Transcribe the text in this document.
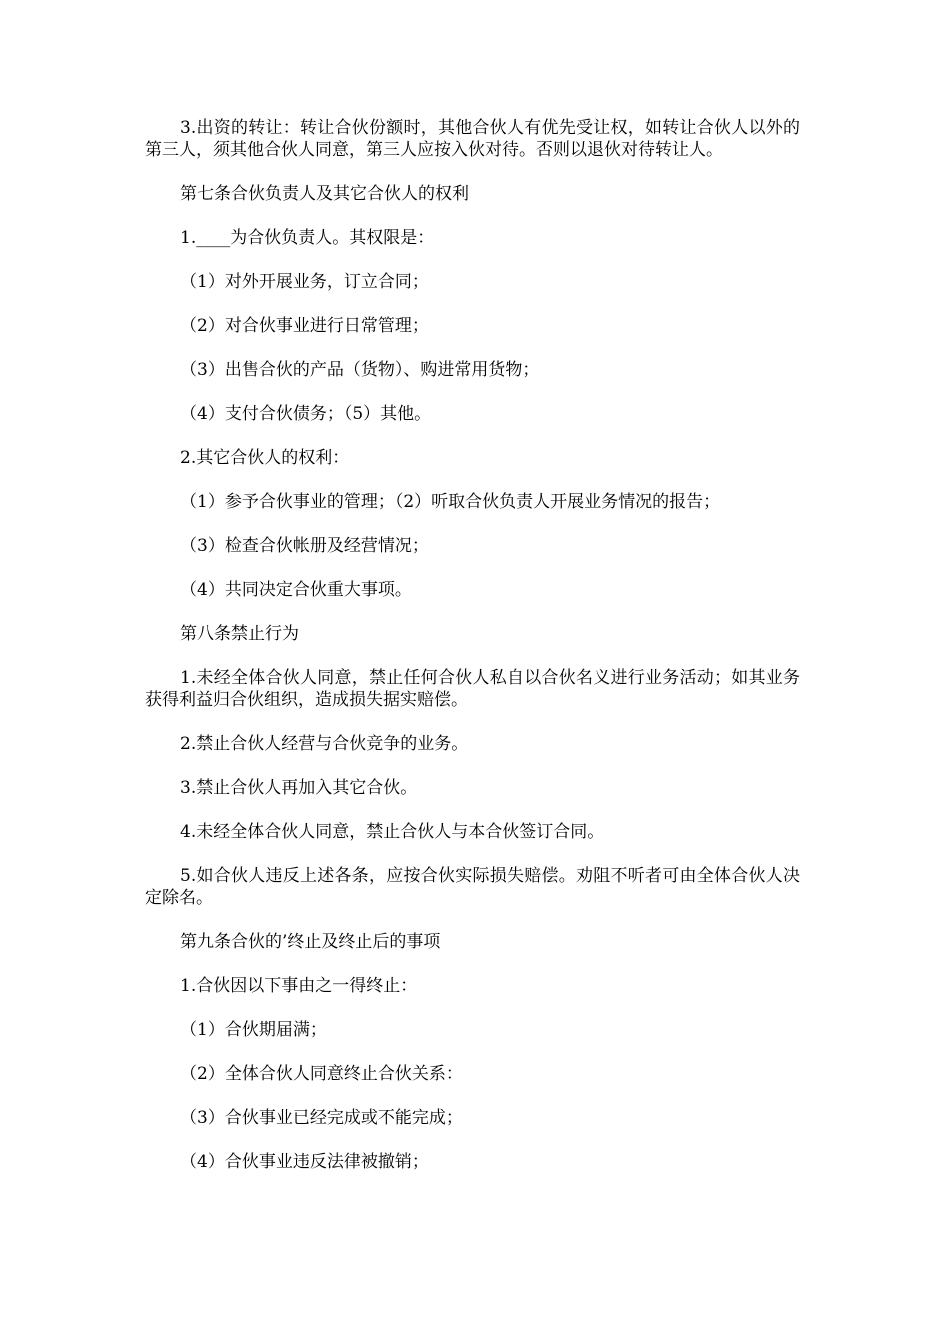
3.出资的转让：转让合伙份额时，其他合伙人有优先受让权，如转让合伙人以外的第三人，须其他合伙人同意，第三人应按入伙对待。否则以退伙对待转让人。

第七条合伙负责人及其它合伙人的权利

1.____为合伙负责人。其权限是：

（1）对外开展业务，订立合同；

（2）对合伙事业进行日常管理；

（3）出售合伙的产品（货物）、购进常用货物；

（4）支付合伙债务；（5）其他。

2.其它合伙人的权利：

（1）参予合伙事业的管理；（2）听取合伙负责人开展业务情况的报告；

（3）检查合伙帐册及经营情况；

（4）共同决定合伙重大事项。

第八条禁止行为

1.未经全体合伙人同意，禁止任何合伙人私自以合伙名义进行业务活动；如其业务获得利益归合伙组织，造成损失据实赔偿。

2.禁止合伙人经营与合伙竞争的业务。

3.禁止合伙人再加入其它合伙。

4.未经全体合伙人同意，禁止合伙人与本合伙签订合同。

5.如合伙人违反上述各条，应按合伙实际损失赔偿。劝阻不听者可由全体合伙人决定除名。

第九条合伙的’终止及终止后的事项

1.合伙因以下事由之一得终止：

（1）合伙期届满；

（2）全体合伙人同意终止合伙关系：

（3）合伙事业已经完成或不能完成；

（4）合伙事业违反法律被撤销；
